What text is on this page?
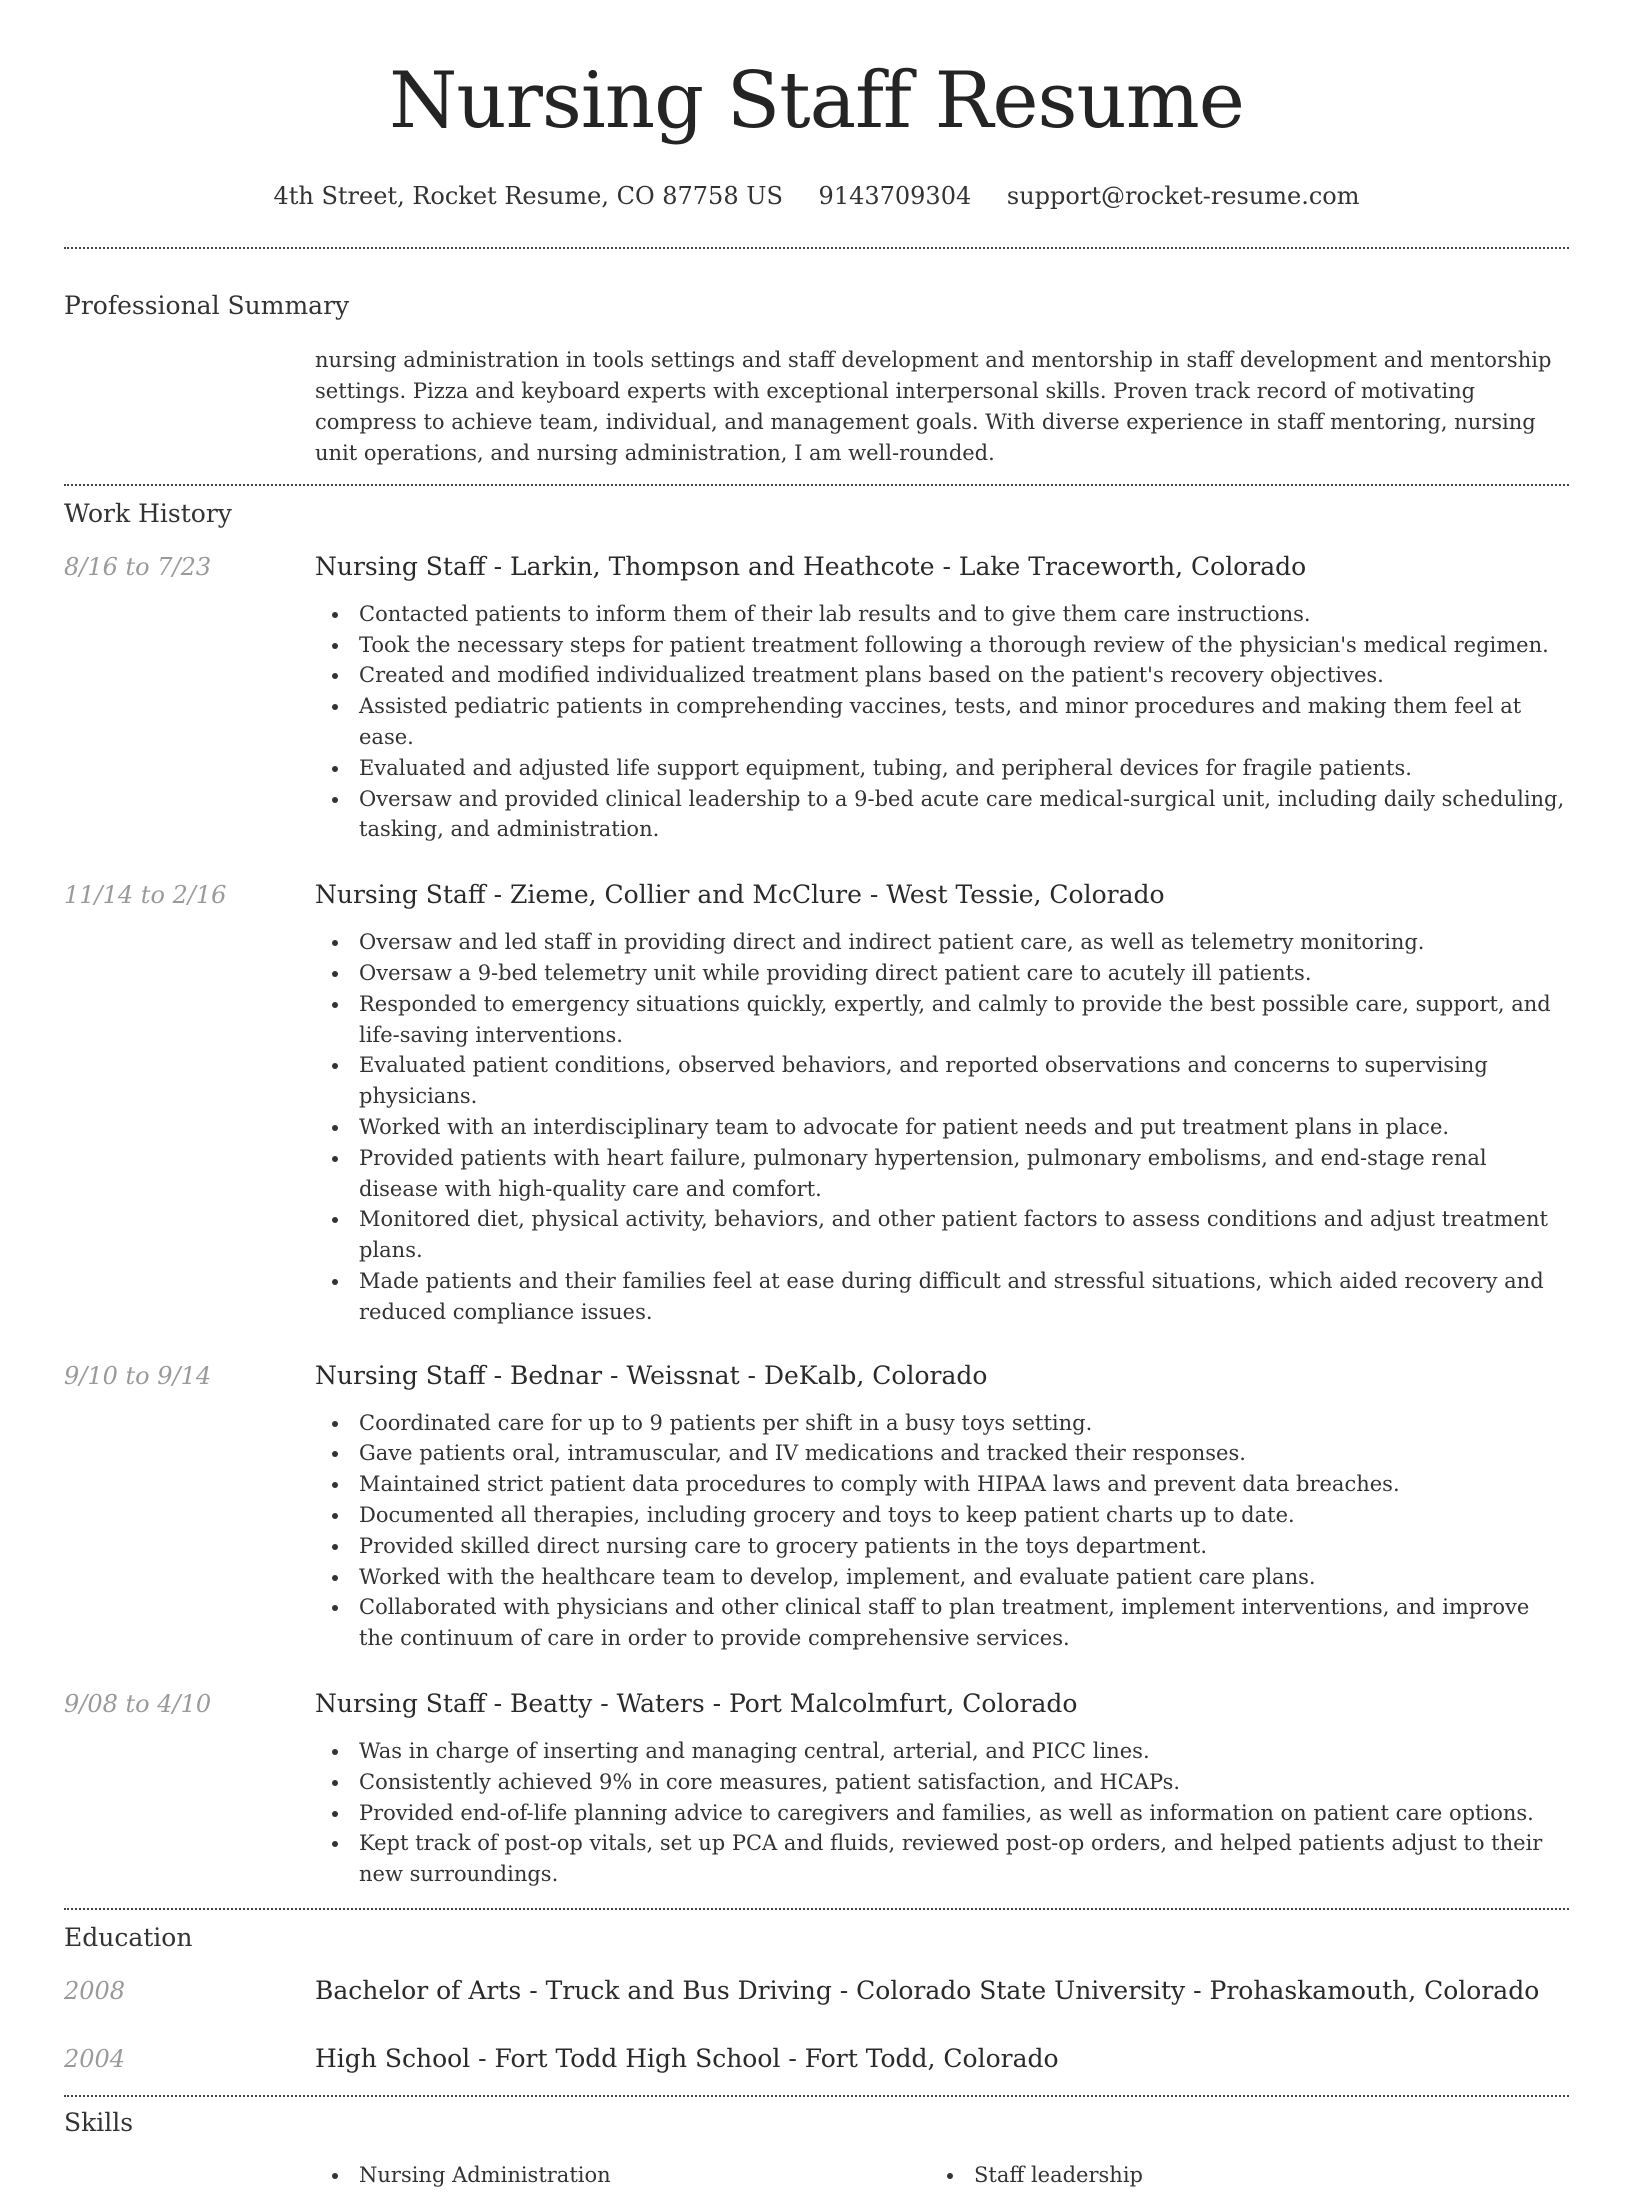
Nursing Staff Resume
4th Street, Rocket Resume, CO 87758 US 9143709304 support@rocket-resume.com
Professional Summary
nursing administration in tools settings and staff development and mentorship in staff development and mentorship settings. Pizza and keyboard experts with exceptional interpersonal skills. Proven track record of motivating compress to achieve team, individual, and management goals. With diverse experience in staff mentoring, nursing unit operations, and nursing administration, I am well-rounded.
Work History
8/16 to 7/23	Nursing Staff - Larkin, Thompson and Heathcote - Lake Traceworth, Colorado
Contacted patients to inform them of their lab results and to give them care instructions.
Took the necessary steps for patient treatment following a thorough review of the physician's medical regimen.
Created and modified individualized treatment plans based on the patient's recovery objectives.
Assisted pediatric patients in comprehending vaccines, tests, and minor procedures and making them feel at ease.
Evaluated and adjusted life support equipment, tubing, and peripheral devices for fragile patients.
Oversaw and provided clinical leadership to a 9-bed acute care medical-surgical unit, including daily scheduling, tasking, and administration.
11/14 to 2/16	Nursing Staff - Zieme, Collier and McClure - West Tessie, Colorado
Oversaw and led staff in providing direct and indirect patient care, as well as telemetry monitoring.
Oversaw a 9-bed telemetry unit while providing direct patient care to acutely ill patients.
Responded to emergency situations quickly, expertly, and calmly to provide the best possible care, support, and life-saving interventions.
Evaluated patient conditions, observed behaviors, and reported observations and concerns to supervising physicians.
Worked with an interdisciplinary team to advocate for patient needs and put treatment plans in place.
Provided patients with heart failure, pulmonary hypertension, pulmonary embolisms, and end-stage renal disease with high-quality care and comfort.
Monitored diet, physical activity, behaviors, and other patient factors to assess conditions and adjust treatment plans.
Made patients and their families feel at ease during difficult and stressful situations, which aided recovery and reduced compliance issues.
9/10 to 9/14	Nursing Staff - Bednar - Weissnat - DeKalb, Colorado
Coordinated care for up to 9 patients per shift in a busy toys setting.
Gave patients oral, intramuscular, and IV medications and tracked their responses.
Maintained strict patient data procedures to comply with HIPAA laws and prevent data breaches.
Documented all therapies, including grocery and toys to keep patient charts up to date.
Provided skilled direct nursing care to grocery patients in the toys department.
Worked with the healthcare team to develop, implement, and evaluate patient care plans.
Collaborated with physicians and other clinical staff to plan treatment, implement interventions, and improve the continuum of care in order to provide comprehensive services.
9/08 to 4/10	Nursing Staff - Beatty - Waters - Port Malcolmfurt, Colorado
Was in charge of inserting and managing central, arterial, and PICC lines.
Consistently achieved 9% in core measures, patient satisfaction, and HCAPs.
Provided end-of-life planning advice to caregivers and families, as well as information on patient care options.
Kept track of post-op vitals, set up PCA and fluids, reviewed post-op orders, and helped patients adjust to their new surroundings.
Education
2008	Bachelor of Arts - Truck and Bus Driving - Colorado State University - Prohaskamouth, Colorado
2004	High School - Fort Todd High School - Fort Todd, Colorado
Skills
Nursing Administration	Staff leadership
